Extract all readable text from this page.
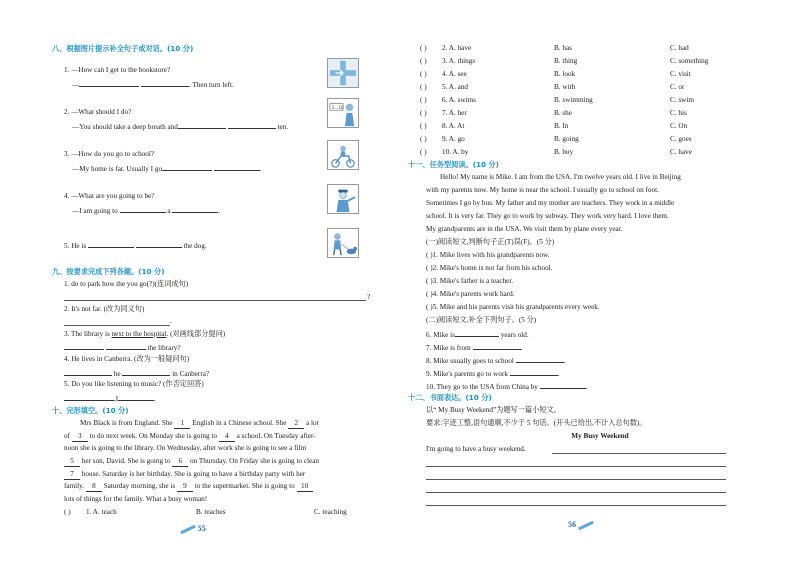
八、根据图片提示补全句子或对话。(10 分)
1. —How can I get to the bookstore?
—	. Then turn left.
2. —What should I do?
—You should take a deep breath and	ten.
1...10
3. —How do you go to school?
—My home is far. Usually I go	.
4. —What are you going to be?
—I am going to	a	.
5. He is	the dog.
九、按要求完成下列各题。(10 分)
1. do to park how the you go(?)(连词成句)
?
2. It's not far. (改为同义句)
.
3. The library is next to the hospital. (对画线部分提问)
the library?
4. He lives in Canberra. (改为一般疑问句)
he	in Canberra?
5. Do you like listening to music? (作否定回答)
,I	.
十、完形填空。(10 分)
Mrs Black is from England. She 1 English in a Chinese school. She 2 a lot
of 3 to do next week. On Monday she is going to 4 a school. On Tuesday after-
noon she is going to the library. On Wednesday, after work she is going to see a film
5 her son, David. She is going to 6 on Thursday. On Friday she is going to clean
7 house. Saturday is her birthday. She is going to have a birthday party with her
family. 8 Saturday morning, she is 9 to the supermarket. She is going to 10
lots of things for the family. What a busy woman!
( ) 1. A. teach	B. teaches	C. teaching
55
( ) 2. A. have	B. has	C. had
( ) 3. A. things	B. thing	C. something
( ) 4. A. see	B. look	C. visit
( ) 5. A. and	B. with	C. or
( ) 6. A. swims	B. swimming	C. swim
( ) 7. A. her	B. she	C. his
( ) 8. A. At	B. In	C. On
( ) 9. A. go	B. going	C. goes
( ) 10. A. by	B. buy	C. have
十一、任务型阅读。(10 分)
Hello! My name is Mike. I am from the USA. I'm twelve years old. I live in Beijing
with my parents now. My home is near the school. I usually go to school on foot.
Sometimes I go by bus. My father and my mother are teachers. They work in a middle
school. It is very far. They go to work by subway. They work very hard. I love them.
My grandparents are in the USA. We visit them by plane every year.
(一)阅读短文,判断句子正(T)误(F)。(5 分)
( )1. Mike lives with his grandparents now.
( )2. Mike's home is not far from his school.
( )3. Mike's father is a teacher.
( )4. Mike's parents work hard.
( )5. Mike and his parents visit his grandparents every week.
(二)阅读短文,补全下列句子。(5 分)
6. Mike is	years old.
7. Mike is from	.
8. Mike usually goes to school	.
9. Mike's parents go to work	.
10. They go to the USA from China by	.
十二、书面表达。(10 分)
以“ My Busy Weekend”为题写一篇小短文。
要求:字迹工整,语句通顺,不少于 5 句话。(开头已给出,不计入总句数)。
My Busy Weekend
I'm going to have a busy weekend.
56
